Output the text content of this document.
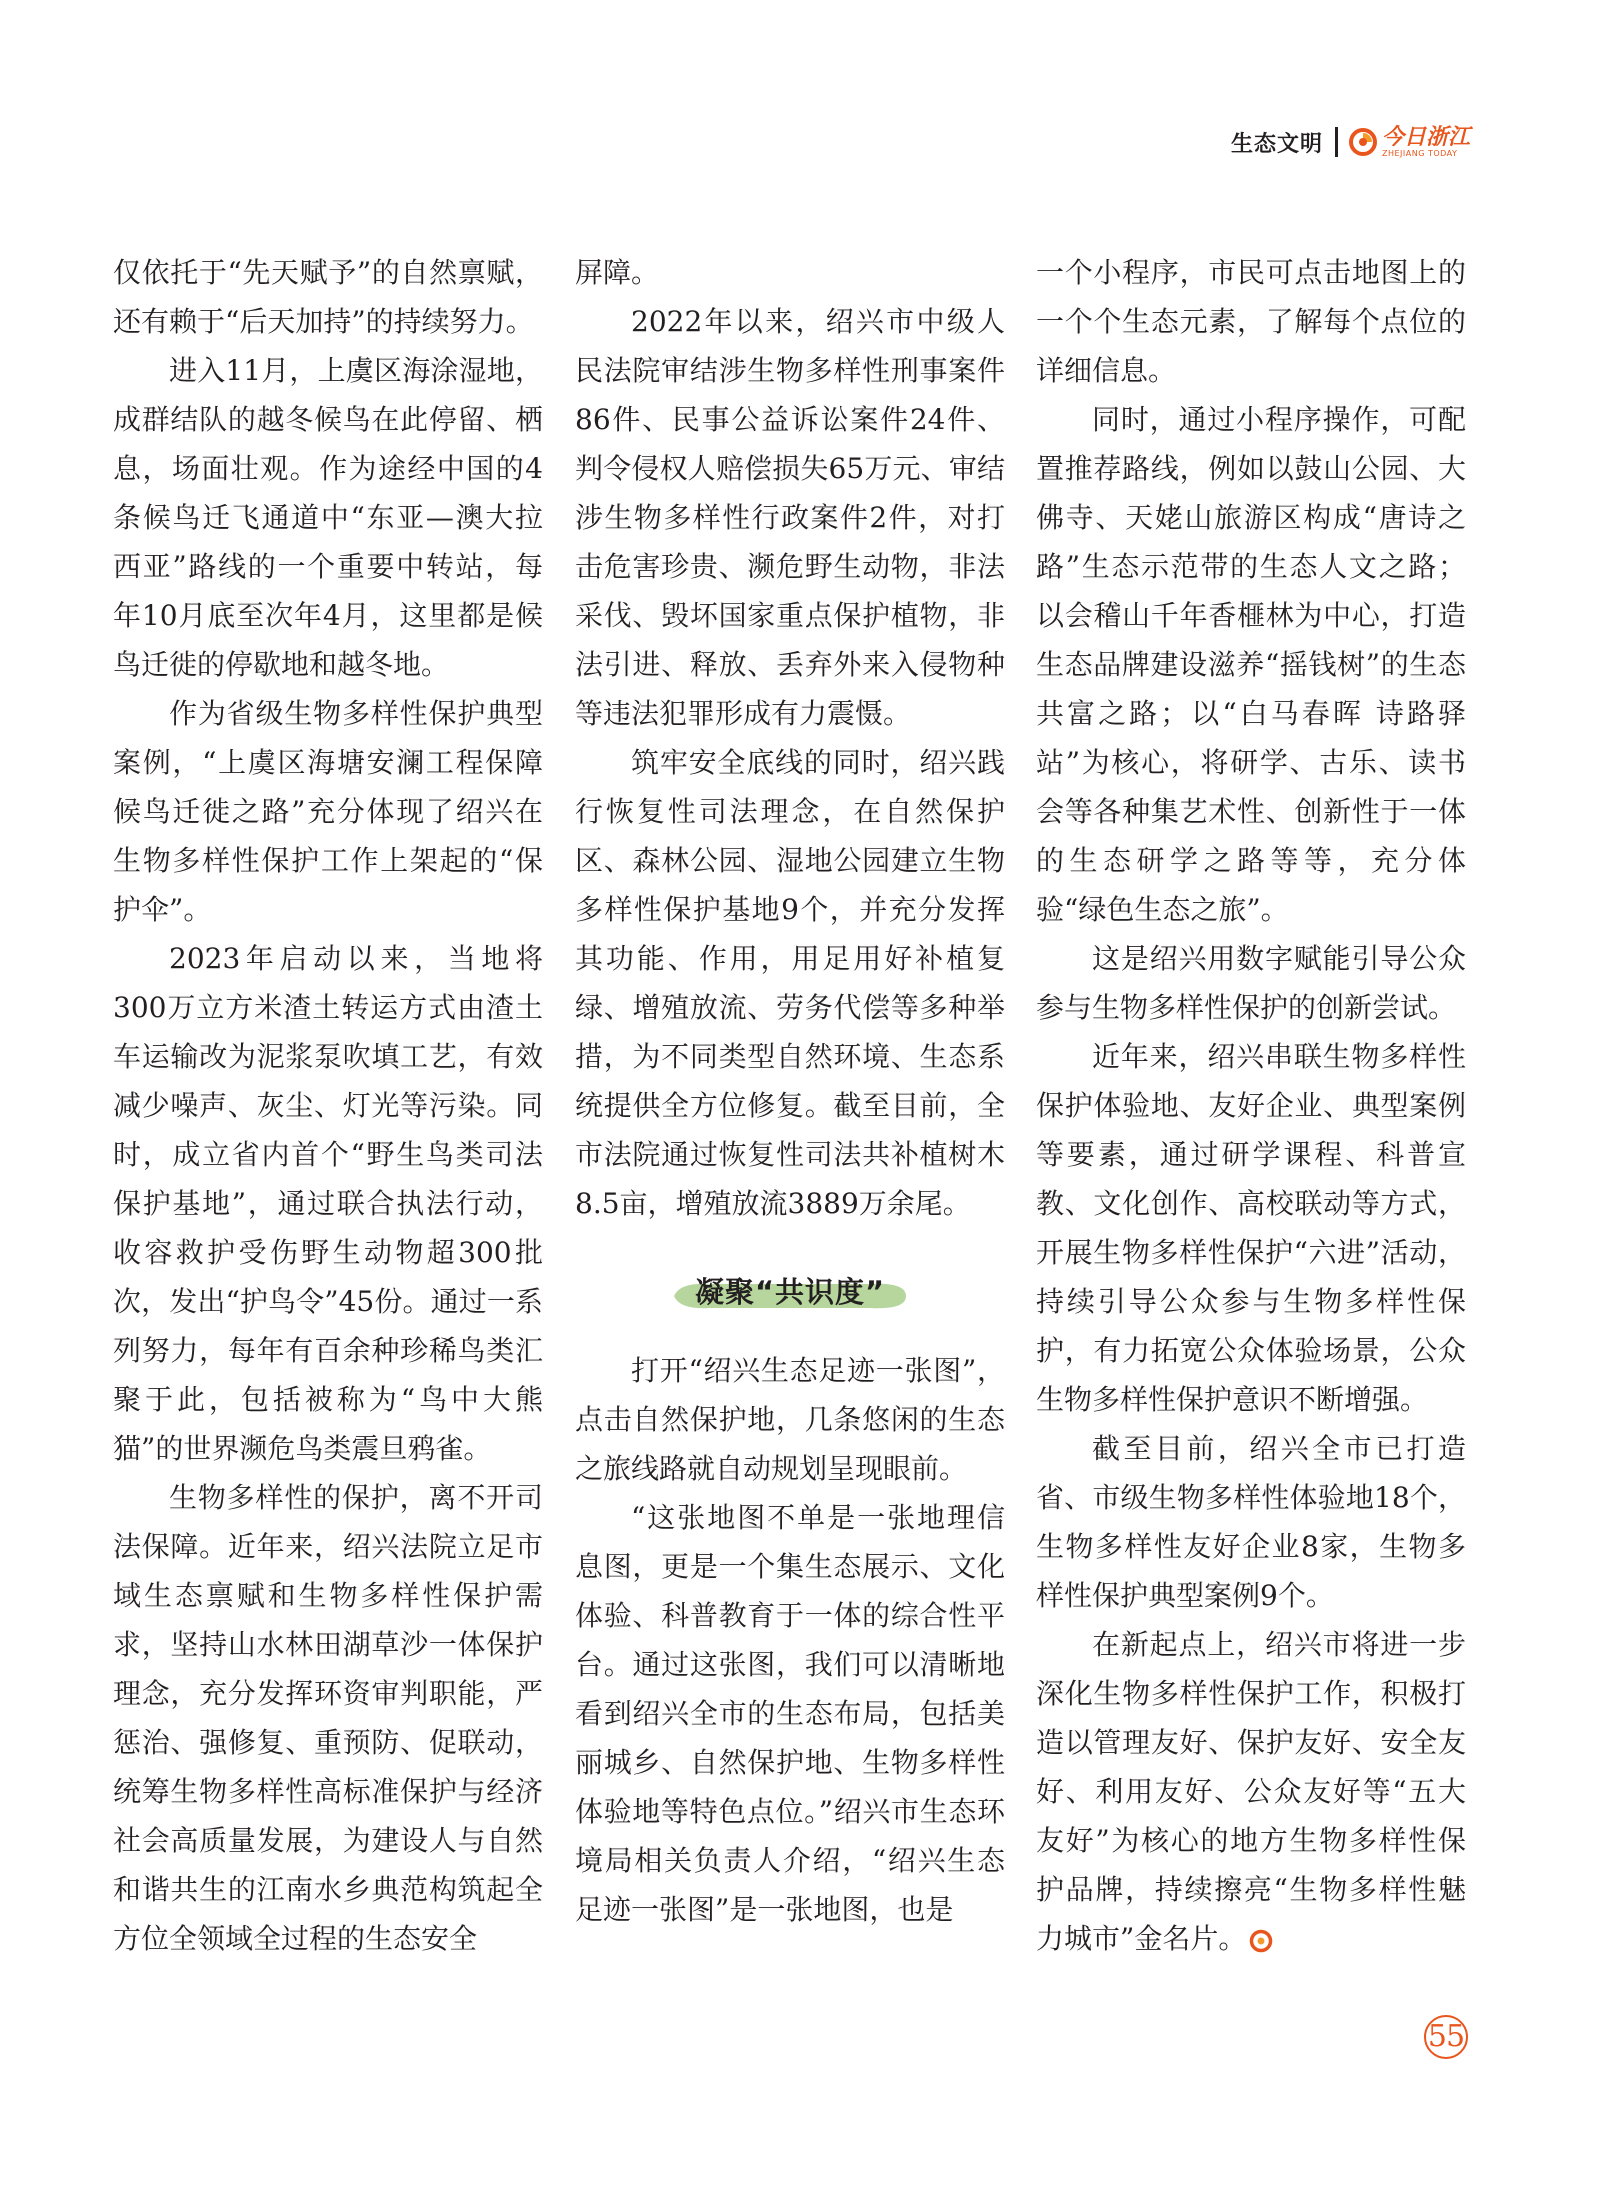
生态文明	今日浙江
ZHEJIANG TODAY

仅依托于“先天赋予”的自然禀赋，还有赖于“后天加持”的持续努力。

进入11月，上虞区海涂湿地，成群结队的越冬候鸟在此停留、栖息，场面壮观。作为途经中国的4条候鸟迁飞通道中“东亚—澳大拉西亚”路线的一个重要中转站，每年10月底至次年4月，这里都是候鸟迁徙的停歇地和越冬地。

作为省级生物多样性保护典型案例，“上虞区海塘安澜工程保障候鸟迁徙之路”充分体现了绍兴在生物多样性保护工作上架起的“保护伞”。

2023年启动以来，当地将300万立方米渣土转运方式由渣土车运输改为泥浆泵吹填工艺，有效减少噪声、灰尘、灯光等污染。同时，成立省内首个“野生鸟类司法保护基地”，通过联合执法行动，收容救护受伤野生动物超300批次，发出“护鸟令”45份。通过一系列努力，每年有百余种珍稀鸟类汇聚于此，包括被称为“鸟中大熊猫”的世界濒危鸟类震旦鸦雀。

生物多样性的保护，离不开司法保障。近年来，绍兴法院立足市域生态禀赋和生物多样性保护需求，坚持山水林田湖草沙一体保护理念，充分发挥环资审判职能，严惩治、强修复、重预防、促联动，统筹生物多样性高标准保护与经济社会高质量发展，为建设人与自然和谐共生的江南水乡典范构筑起全方位全领域全过程的生态安全

屏障。

2022年以来，绍兴市中级人民法院审结涉生物多样性刑事案件86件、民事公益诉讼案件24件、判令侵权人赔偿损失65万元、审结涉生物多样性行政案件2件，对打击危害珍贵、濒危野生动物，非法采伐、毁坏国家重点保护植物，非法引进、释放、丢弃外来入侵物种等违法犯罪形成有力震慑。

筑牢安全底线的同时，绍兴践行恢复性司法理念，在自然保护区、森林公园、湿地公园建立生物多样性保护基地9个，并充分发挥其功能、作用，用足用好补植复绿、增殖放流、劳务代偿等多种举措，为不同类型自然环境、生态系统提供全方位修复。截至目前，全市法院通过恢复性司法共补植树木8.5亩，增殖放流3889万余尾。

凝聚“共识度”

打开“绍兴生态足迹一张图”，点击自然保护地，几条悠闲的生态之旅线路就自动规划呈现眼前。

“这张地图不单是一张地理信息图，更是一个集生态展示、文化体验、科普教育于一体的综合性平台。通过这张图，我们可以清晰地看到绍兴全市的生态布局，包括美丽城乡、自然保护地、生物多样性体验地等特色点位。”绍兴市生态环境局相关负责人介绍，“绍兴生态足迹一张图”是一张地图，也是

一个小程序，市民可点击地图上的一个个生态元素，了解每个点位的详细信息。

同时，通过小程序操作，可配置推荐路线，例如以鼓山公园、大佛寺、天姥山旅游区构成“唐诗之路”生态示范带的生态人文之路；以会稽山千年香榧林为中心，打造生态品牌建设滋养“摇钱树”的生态共富之路；以“白马春晖 诗路驿站”为核心，将研学、古乐、读书会等各种集艺术性、创新性于一体的生态研学之路等等，充分体验“绿色生态之旅”。

这是绍兴用数字赋能引导公众参与生物多样性保护的创新尝试。

近年来，绍兴串联生物多样性保护体验地、友好企业、典型案例等要素，通过研学课程、科普宣教、文化创作、高校联动等方式，开展生物多样性保护“六进”活动，持续引导公众参与生物多样性保护，有力拓宽公众体验场景，公众生物多样性保护意识不断增强。

截至目前，绍兴全市已打造省、市级生物多样性体验地18个，生物多样性友好企业8家，生物多样性保护典型案例9个。

在新起点上，绍兴市将进一步深化生物多样性保护工作，积极打造以管理友好、保护友好、安全友好、利用友好、公众友好等“五大友好”为核心的地方生物多样性保护品牌，持续擦亮“生物多样性魅力城市”金名片。

55
